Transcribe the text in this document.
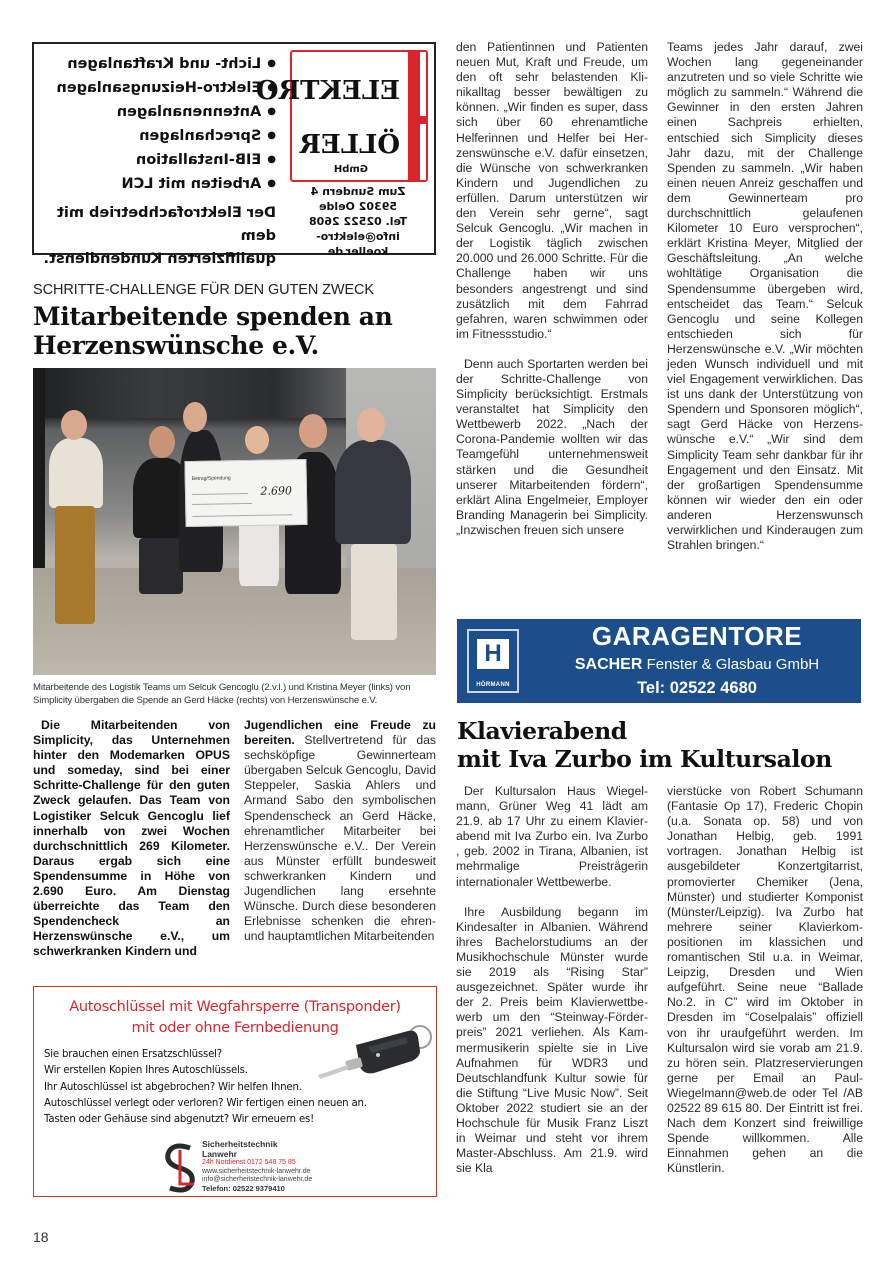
ELEKTRO
ÖLLER
GmbH
Zum Sundern 4
59302 Oelde
Tel. 02522 2608
info@elektro-koeller.de
● Licht- und Kraftanlagen
● Elektro-Heizungsanlagen
● Antennenanlagen
● Sprechanlagen
● EIB-Installation
● Arbeiten mit LCN
Der Elektrofachbetrieb mit dem
qualifizierten Kundendienst.
SCHRITTE-CHALLENGE FÜR DEN GUTEN ZWECK
Mitarbeitende spenden an
Herzenswünsche e.V.
Betrag/Spendung
2.690
Mitarbeitende des Logistik Teams um Selcuk Gencoglu (2.v.l.) und Kristina Meyer (links) von Simplicity übergaben die Spende an Gerd Häcke (rechts) von Herzenswünsche e.V.

Die Mitarbeitenden von Simplicity, das Unternehmen hinter den Modemarken OPUS und someday, sind bei einer Schritte-Challenge für den guten Zweck gelaufen. Das Team von Logistiker Selcuk Gencoglu lief innerhalb von zwei Wochen durchschnittlich 269 Kilometer. Daraus ergab sich eine Spendensumme in Höhe von 2.690 Euro. Am Dienstag überreichte das Team den Spendencheck an Herzenswünsche e.V., um schwerkranken Kindern und

Jugendlichen eine Freude zu bereiten. Stellvertretend für das sechsköpfige Gewinnerteam übergaben Selcuk Gencoglu, David Steppeler, Saskia Ahlers und Armand Sabo den symbolischen Spendenscheck an Gerd Häcke, ehrenamtlicher Mitarbeiter bei Herzenswünsche e.V.. Der Verein aus Münster erfüllt bundesweit schwerkranken Kindern und Jugendlichen lang ersehnte Wünsche. Durch diese besonderen Erlebnisse schenken die ehren- und hauptamtlichen Mitarbeitenden

den Patientinnen und Patienten neuen Mut, Kraft und Freude, um den oft sehr belastenden Klinikalltag besser bewältigen zu können. „Wir finden es super, dass sich über 60 ehrenamtliche Helferinnen und Helfer bei Herzenswünsche e.V. dafür einsetzen, die Wünsche von schwerkranken Kindern und Jugendlichen zu erfüllen. Darum unterstützen wir den Verein sehr gerne“, sagt Selcuk Gencoglu. „Wir machen in der Logistik täglich zwischen 20.000 und 26.000 Schritte. Für die Challenge haben wir uns besonders angestrengt und sind zusätzlich mit dem Fahrrad gefahren, waren schwimmen oder im Fitnessstudio.“

Denn auch Sportarten werden bei der Schritte-Challenge von Simplicity berücksichtigt. Erstmals veranstaltet hat Simplicity den Wettbewerb 2022. „Nach der Corona-Pandemie wollten wir das Teamgefühl unternehmensweit stärken und die Gesundheit unserer Mitarbeitenden fördern“, erklärt Alina Engelmeier, Employer Branding Managerin bei Simplicity. „Inzwischen freuen sich unsere

Teams jedes Jahr darauf, zwei Wochen lang gegeneinander anzutreten und so viele Schritte wie möglich zu sammeln.“ Während die Gewinner in den ersten Jahren einen Sachpreis erhielten, entschied sich Simplicity dieses Jahr dazu, mit der Challenge Spenden zu sammeln. „Wir haben einen neuen Anreiz geschaffen und dem Gewinnerteam pro durchschnittlich gelaufenen Kilometer 10 Euro versprochen“, erklärt Kristina Meyer, Mitglied der Geschäftsleitung. „An welche wohltätige Organisation die Spendensumme übergeben wird, entscheidet das Team.“ Selcuk Gencoglu und seine Kollegen entschieden sich für Herzenswünsche e.V. „Wir möchten jeden Wunsch individuell und mit viel Engagement verwirklichen. Das ist uns dank der Unterstützung von Spendern und Sponsoren möglich“, sagt Gerd Häcke von Herzenswünsche e.V.“ „Wir sind dem Simplicity Team sehr dankbar für ihr Engagement und den Einsatz. Mit der großartigen Spendensumme können wir wieder den ein oder anderen Herzenswunsch verwirklichen und Kinderaugen zum Strahlen bringen.“

Autoschlüssel mit Wegfahrsperre (Transponder)
mit oder ohne Fernbedienung
Sie brauchen einen Ersatzschlüssel?
Wir erstellen Kopien Ihres Autoschlüssels.
Ihr Autoschlüssel ist abgebrochen? Wir helfen Ihnen.
Autoschlüssel verlegt oder verloren? Wir fertigen einen neuen an.
Tasten oder Gehäuse sind abgenutzt? Wir erneuern es!
Sicherheitstechnik
Lanwehr
24h Notdienst 0172 548 75 85
www.sicherheitstechnik-lanwehr.de
info@sicherheitstechnik-lanwehr.de
Telefon: 02522 9379410
H
HÖRMANN
GARAGENTORE
SACHER Fenster & Glasbau GmbH
Tel: 02522 4680
Klavierabend
mit Iva Zurbo im Kultursalon

Der Kultursalon Haus Wiegelmann, Grüner Weg 41 lädt am 21.9. ab 17 Uhr zu einem Klavierabend mit Iva Zurbo ein. Iva Zurbo , geb. 2002 in Tirana, Albanien, ist mehrmalige Preisträgerin internationaler Wettbewerbe.

Ihre Ausbildung begann im Kindesalter in Albanien. Während ihres Bachelorstudiums an der Musikhochschule Münster wurde sie 2019 als “Rising Star” ausgezeichnet. Später wurde ihr der 2. Preis beim Klavierwettbewerb um den “Steinway-Förderpreis” 2021 verliehen. Als Kammermusikerin spielte sie in Live Aufnahmen für WDR3 und Deutschlandfunk Kultur sowie für die Stiftung “Live Music Now”. Seit Oktober 2022 studiert sie an der Hochschule für Musik Franz Liszt in Weimar und steht vor ihrem Master-Abschluss. Am 21.9. wird sie Kla

vierstücke von Robert Schumann (Fantasie Op 17), Frederic Chopin (u.a. Sonata op. 58) und von Jonathan Helbig, geb. 1991 vortragen. Jonathan Helbig ist ausgebildeter Konzertgitarrist, promovierter Chemiker (Jena, Münster) und studierter Komponist (Münster/Leipzig). Iva Zurbo hat mehrere seiner Klavierkompositionen im klassichen und romantischen Stil u.a. in Weimar, Leipzig, Dresden und Wien aufgeführt. Seine neue “Ballade No.2. in C” wird im Oktober in Dresden im “Coselpalais” offiziell von ihr uraufgeführt werden. Im Kultursalon wird sie vorab am 21.9. zu hören sein. Platzreservierungen gerne per Email an Paul-Wiegelmann@web.de oder Tel /AB 02522 89 615 80. Der Eintritt ist frei. Nach dem Konzert sind freiwillige Spende willkommen. Alle Einnahmen gehen an die Künstlerin.

18
